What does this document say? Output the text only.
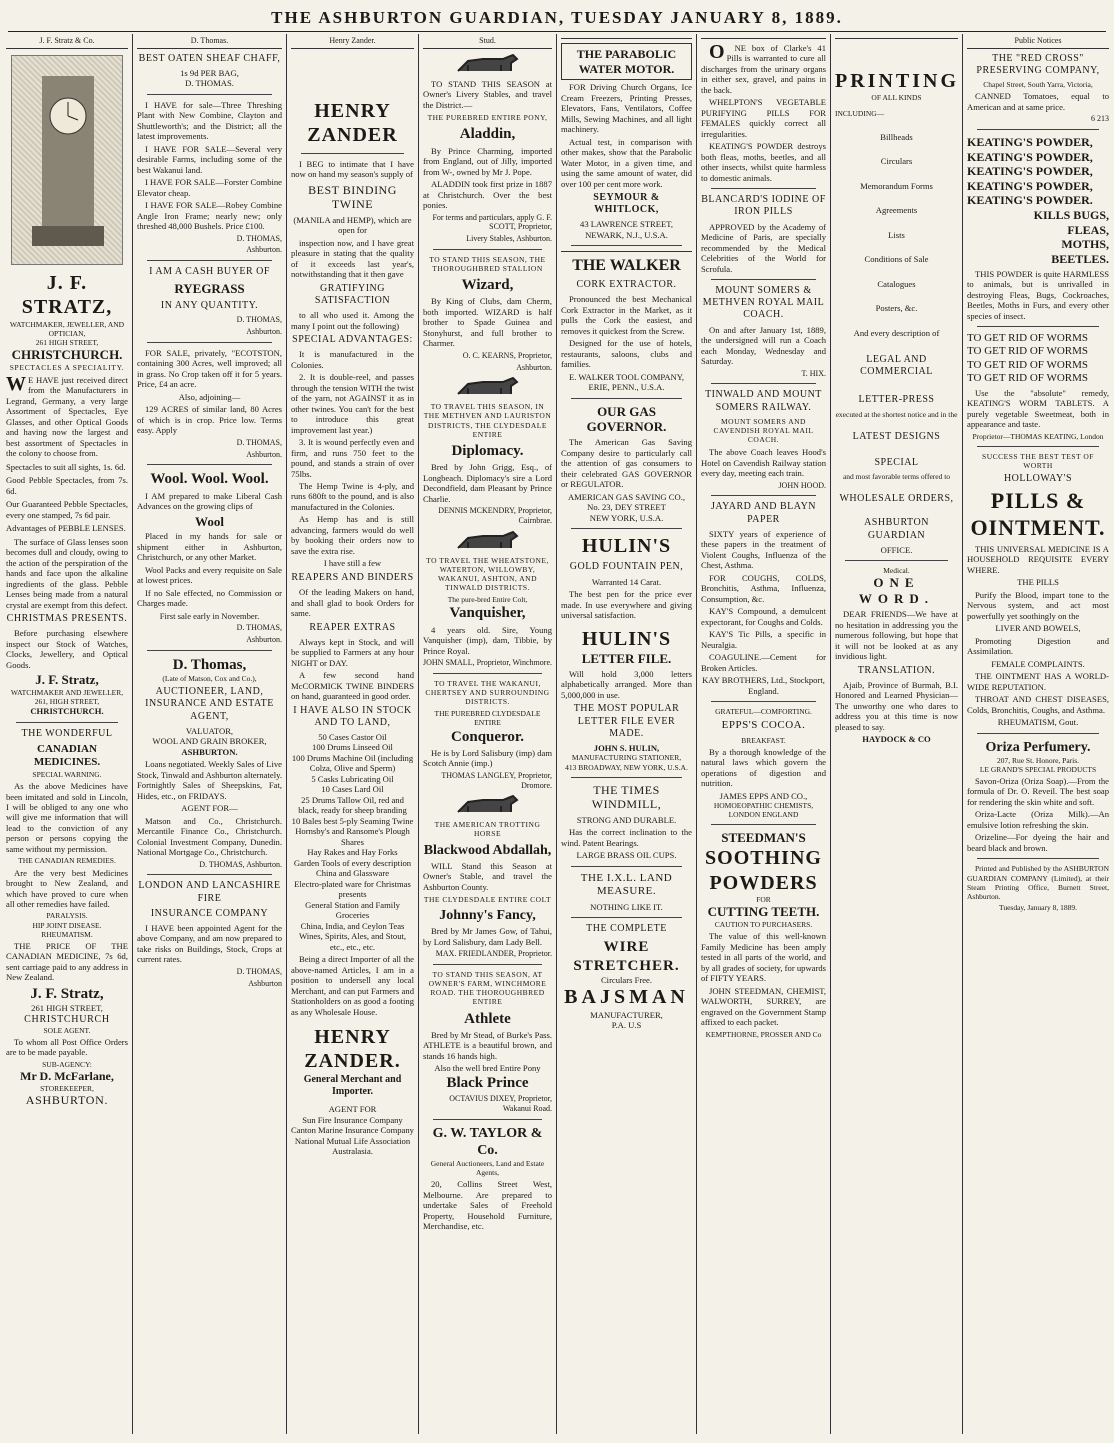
THE ASHBURTON GUARDIAN, TUESDAY JANUARY 8, 1889.
J. F. Stratz & Co.
J. F. STRATZ,
WATCHMAKER, JEWELLER, AND OPTICIAN,
261 HIGH STREET,
CHRISTCHURCH.
SPECTACLES A SPECIALITY.
WE HAVE just received direct from the Manufacturers in Legrand, Germany, a very large Assortment of Spectacles, Eye Glasses, and other Optical Goods and having now the largest and best assortment of Spectacles in the colony to choose from.
Spectacles to suit all sights, 1s. 6d.
Good Pebble Spectacles, from 7s. 6d.
Our Guaranteed Pebble Spectacles, every one stamped, 7s 6d pair.
Advantages of PEBBLE LENSES.
The surface of Glass lenses soon becomes dull and cloudy, owing to the action of the perspiration of the hands and face upon the alkaline ingredients of the glass. Pebble Lenses being made from a natural crystal are exempt from this defect.
CHRISTMAS PRESENTS.
Before purchasing elsewhere inspect our Stock of Watches, Clocks, Jewellery, and Optical Goods.
J. F. Stratz,
WATCHMAKER AND JEWELLER,
261, HIGH STREET,
CHRISTCHURCH.
THE WONDERFUL
CANADIAN MEDICINES.
SPECIAL WARNING.
As the above Medicines have been imitated and sold in Lincoln, I will be obliged to any one who will give me information that will lead to the conviction of any person or persons copying the same without my permission.
THE CANADIAN REMEDIES.
Are the very best Medicines brought to New Zealand, and which have proved to cure when all other remedies have failed.
PARALYSIS.
HIP JOINT DISEASE.
RHEUMATISM.
THE PRICE OF THE CANADIAN MEDICINE, 7s 6d, sent carriage paid to any address in New Zealand.
J. F. Stratz,
261 HIGH STREET,
CHRISTCHURCH
SOLE AGENT.
To whom all Post Office Orders are to be made payable.
SUB-AGENCY:
Mr D. McFarlane,
STOREKEEPER,
ASHBURTON.
D. Thomas.
BEST OATEN SHEAF CHAFF,
1s 9d PER BAG,
D. THOMAS.
I HAVE for sale—Three Threshing Plant with New Combine, Clayton and Shuttleworth's; and the District; all the latest improvements.
I HAVE FOR SALE—Several very desirable Farms, including some of the best Wakanui land.
I HAVE FOR SALE—Forster Combine Elevator cheap.
I HAVE FOR SALE—Robey Combine Angle Iron Frame; nearly new; only threshed 48,000 Bushels. Price £100.
D. THOMAS,
Ashburton.
I AM A CASH BUYER OF
RYEGRASS
IN ANY QUANTITY.
D. THOMAS,
Ashburton.
FOR SALE, privately, "ECOTSTON, containing 300 Acres, well improved; all in grass. No Crop taken off it for 5 years. Price, £4 an acre.
Also, adjoining—
129 ACRES of similar land, 80 Acres of which is in crop. Price low. Terms easy. Apply
D. THOMAS,
Ashburton.
Wool. Wool. Wool.
I AM prepared to make Liberal Cash Advances on the growing clips of
Wool
Placed in my hands for sale or shipment either in Ashburton, Christchurch, or any other Market.
Wool Packs and every requisite on Sale at lowest prices.
If no Sale effected, no Commission or Charges made.
First sale early in November.
D. THOMAS,
Ashburton.
D. Thomas,
(Late of Matson, Cox and Co.),
AUCTIONEER, LAND, INSURANCE AND ESTATE AGENT,
VALUATOR,
WOOL AND GRAIN BROKER,
ASHBURTON.
Loans negotiated. Weekly Sales of Live Stock, Tinwald and Ashburton alternately. Fortnightly Sales of Sheepskins, Fat, Hides, etc., on FRIDAYS.
AGENT FOR—
Matson and Co., Christchurch. Mercantile Finance Co., Christchurch. Colonial Investment Company, Dunedin. National Mortgage Co., Christchurch.
D. THOMAS, Ashburton.
LONDON AND LANCASHIRE FIRE
INSURANCE COMPANY
I HAVE been appointed Agent for the above Company, and am now prepared to take risks on Buildings, Stock, Crops at current rates.
D. THOMAS,
Ashburton
Henry Zander.
HENRY ZANDER
I BEG to intimate that I have now on hand my season's supply of
BEST BINDING TWINE
(MANILA and HEMP), which are open for
inspection now, and I have great pleasure in stating that the quality of it exceeds last year's, notwithstanding that it then gave
GRATIFYING SATISFACTION
to all who used it. Among the many I point out the following)
SPECIAL ADVANTAGES:
It is manufactured in the Colonies.
2. It is double-reel, and passes through the tension WITH the twist of the yarn, not AGAINST it as in other twines. You can't for the best to introduce this great improvement last year.)
3. It is wound perfectly even and firm, and runs 750 feet to the pound, and stands a strain of over 75lbs.
The Hemp Twine is 4-ply, and runs 680ft to the pound, and is also manufactured in the Colonies.
As Hemp has and is still advancing, farmers would do well by booking their orders now to save the extra rise.
I have still a few
REAPERS AND BINDERS
Of the leading Makers on hand, and shall glad to book Orders for same.
REAPER EXTRAS
Always kept in Stock, and will be supplied to Farmers at any hour NIGHT or DAY.
A few second hand McCORMICK TWINE BINDERS on hand, guaranteed in good order.
I HAVE ALSO IN STOCK AND TO LAND,
50 Cases Castor Oil
100 Drums Linseed Oil
100 Drums Machine Oil (including Colza, Olive and Sperm)
5 Casks Lubricating Oil
10 Cases Lard Oil
25 Drums Tallow Oil, red and black, ready for sheep branding
10 Bales best 5-ply Seaming Twine
Hornsby's and Ransome's Plough Shares
Hay Rakes and Hay Forks
Garden Tools of every description
China and Glassware
Electro-plated ware for Christmas presents
General Station and Family Groceries
China, India, and Ceylon Teas
Wines, Spirits, Ales, and Stout,
etc., etc., etc.
Being a direct Importer of all the above-named Articles, I am in a position to undersell any local Merchant, and can put Farmers and Stationholders on as good a footing as any Wholesale House.
HENRY ZANDER.
General Merchant and Importer.
AGENT FOR
Sun Fire Insurance Company
Canton Marine Insurance Company
National Mutual Life Association
Australasia.
Stud.
TO STAND THIS SEASON at Owner's Livery Stables, and travel the District.—
THE PUREBRED ENTIRE PONY,
Aladdin,
By Prince Charming, imported from England, out of Jilly, imported from W-, owned by Mr J. Pope.
ALADDIN took first prize in 1887 at Christchurch. Over the best ponies.
For terms and particulars, apply G. F. SCOTT, Proprietor,
Livery Stables, Ashburton.
TO STAND THIS SEASON, THE THOROUGHBRED STALLION
Wizard,
By King of Clubs, dam Cherm, both imported. WIZARD is half brother to Spade Guinea and Stonyhurst, and full brother to Charmer.
O. C. KEARNS, Proprietor,
Ashburton.
TO TRAVEL THIS SEASON, IN THE METHVEN AND LAURISTON DISTRICTS, THE CLYDESDALE ENTIRE
Diplomacy.
Bred by John Grigg, Esq., of Longbeach. Diplomacy's sire a Lord Decondfield, dam Pleasant by Prince Charlie.
DENNIS MCKENDRY, Proprietor, Cairnbrae.
TO TRAVEL THE WHEATSTONE, WATERTON, WILLOWBY, WAKANUI, ASHTON, AND TINWALD DISTRICTS.
The pure-bred Entire Colt,
Vanquisher,
4 years old. Sire, Young Vanquisher (imp), dam, Tibbie, by Prince Royal.
JOHN SMALL, Proprietor, Winchmore.
TO TRAVEL THE WAKANUI, CHERTSEY AND SURROUNDING DISTRICTS.
THE PUREBRED CLYDESDALE ENTIRE
Conqueror.
He is by Lord Salisbury (imp) dam Scotch Annie (imp.)
THOMAS LANGLEY, Proprietor, Dromore.
THE AMERICAN TROTTING HORSE
Blackwood Abdallah,
WILL Stand this Season at Owner's Stable, and travel the Ashburton County.
THE CLYDESDALE ENTIRE COLT
Johnny's Fancy,
Bred by Mr James Gow, of Tahui, by Lord Salisbury, dam Lady Bell.
MAX. FRIEDLANDER, Proprietor.
TO STAND THIS SEASON, AT OWNER'S FARM, WINCHMORE ROAD. THE THOROUGHBRED ENTIRE
Athlete
Bred by Mr Stead, of Burke's Pass. ATHLETE is a beautiful brown, and stands 16 hands high.
Also the well bred Entire Pony
Black Prince
OCTAVIUS DIXEY, Proprietor, Wakanui Road.
G. W. TAYLOR & Co.
General Auctioneers, Land and Estate Agents,
20, Collins Street West, Melbourne. Are prepared to undertake Sales of Freehold Property, Household Furniture, Merchandise, etc.
THE PARABOLIC WATER MOTOR.
FOR Driving Church Organs, Ice Cream Freezers, Printing Presses, Elevators, Fans, Ventilators, Coffee Mills, Sewing Machines, and all light machinery.
Actual test, in comparison with other makes, show that the Parabolic Water Motor, in a given time, and using the same amount of water, did over 100 per cent more work.
SEYMOUR & WHITLOCK,
43 LAWRENCE STREET,
NEWARK, N.J., U.S.A.
THE WALKER
CORK EXTRACTOR.
Pronounced the best Mechanical Cork Extractor in the Market, as it pulls the Cork the easiest, and removes it quickest from the Screw.
Designed for the use of hotels, restaurants, saloons, clubs and families.
E. WALKER TOOL COMPANY,
ERIE, PENN., U.S.A.
OUR GAS GOVERNOR.
The American Gas Saving Company desire to particularly call the attention of gas consumers to their celebrated GAS GOVERNOR or REGULATOR.
AMERICAN GAS SAVING CO.,
No. 23, DEY STREET
NEW YORK, U.S.A.
HULIN'S
GOLD FOUNTAIN PEN,
Warranted 14 Carat.
The best pen for the price ever made. In use everywhere and giving universal satisfaction.
HULIN'S
LETTER FILE.
Will hold 3,000 letters alphabetically arranged. More than 5,000,000 in use.
THE MOST POPULAR LETTER FILE EVER MADE.
JOHN S. HULIN,
MANUFACTURING STATIONER,
413 BROADWAY, NEW YORK, U.S.A.
THE TIMES WINDMILL,
STRONG AND DURABLE.
Has the correct inclination to the wind. Patent Bearings.
LARGE BRASS OIL CUPS.
THE I.X.L. LAND MEASURE.
NOTHING LIKE IT.
THE COMPLETE
WIRE STRETCHER.
Circulars Free.
BAJSMAN
MANUFACTURER,
P.A. U.S
ONE box of Clarke's 41 Pills is warranted to cure all discharges from the urinary organs in either sex, gravel, and pains in the back.
WHELPTON'S VEGETABLE PURIFYING PILLS FOR FEMALES quickly correct all irregularities.
KEATING'S POWDER destroys both fleas, moths, beetles, and all other insects, whilst quite harmless to domestic animals.
BLANCARD'S IODINE OF IRON PILLS
APPROVED by the Academy of Medicine of Paris, are specially recommended by the Medical Celebrities of the World for Scrofula.
MOUNT SOMERS & METHVEN ROYAL MAIL COACH.
On and after January 1st, 1889, the undersigned will run a Coach each Monday, Wednesday and Saturday.
T. HIX.
TINWALD AND MOUNT SOMERS RAILWAY.
MOUNT SOMERS AND CAVENDISH ROYAL MAIL COACH.
The above Coach leaves Hood's Hotel on Cavendish Railway station every day, meeting each train.
JOHN HOOD.
JAYARD AND BLAYN PAPER
SIXTY years of experience of these papers in the treatment of Violent Coughs, Influenza of the Chest, Asthma.
FOR COUGHS, COLDS, Bronchitis, Asthma, Influenza, Consumption, &c.
KAY'S Compound, a demulcent expectorant, for Coughs and Colds.
KAY'S Tic Pills, a specific in Neuralgia.
COAGULINE.—Cement for Broken Articles.
KAY BROTHERS, Ltd., Stockport, England.
GRATEFUL—COMFORTING.
EPPS'S COCOA.
BREAKFAST.
By a thorough knowledge of the natural laws which govern the operations of digestion and nutrition.
JAMES EPPS AND CO.,
HOMOEOPATHIC CHEMISTS,
LONDON ENGLAND
STEEDMAN'S
SOOTHING
POWDERS
FOR
CUTTING TEETH.
CAUTION TO PURCHASERS.
The value of this well-known Family Medicine has been amply tested in all parts of the world, and by all grades of society, for upwards of FIFTY YEARS.
JOHN STEEDMAN, CHEMIST, WALWORTH, SURREY, are engraved on the Government Stamp affixed to each packet.
KEMPTHORNE, PROSSER AND Co
PRINTING
OF ALL KINDS
INCLUDING—
Billheads
Circulars
Memorandum Forms
Agreements
Lists
Conditions of Sale
Catalogues
Posters, &c.
And every description of
LEGAL AND COMMERCIAL
LETTER-PRESS
executed at the shortest notice and in the
LATEST DESIGNS
SPECIAL
and most favorable terms offered to
WHOLESALE ORDERS,
ASHBURTON GUARDIAN
OFFICE.
Medical.
ONE WORD.
DEAR FRIENDS—We have at no hesitation in addressing you the numerous following, but hope that it will not be looked at as any invidious light.
TRANSLATION.
Ajaib, Province of Burmah, B.I. Honored and Learned Physician—The unworthy one who dares to address you at this time is now pleased to say.
HAYDOCK & CO
Public Notices
THE "RED CROSS" PRESERVING COMPANY,
Chapel Street, South Yarra, Victoria,
CANNED Tomatoes, equal to American and at same price.
6 213
KEATING'S POWDER,
KEATING'S POWDER,
KEATING'S POWDER,
KEATING'S POWDER,
KEATING'S POWDER.
KILLS BUGS,
FLEAS,
MOTHS,
BEETLES.
THIS POWDER is quite HARMLESS to animals, but is unrivalled in destroying Fleas, Bugs, Cockroaches, Beetles, Moths in Furs, and every other species of insect.
TO GET RID OF WORMS
TO GET RID OF WORMS
TO GET RID OF WORMS
TO GET RID OF WORMS
Use the "absolute" remedy, KEATING'S WORM TABLETS. A purely vegetable Sweetmeat, both in appearance and taste.
Proprietor—THOMAS KEATING, London
SUCCESS THE BEST TEST OF WORTH
HOLLOWAY'S
PILLS & OINTMENT.
THIS UNIVERSAL MEDICINE IS A HOUSEHOLD REQUISITE EVERY WHERE.
THE PILLS
Purify the Blood, impart tone to the Nervous system, and act most powerfully yet soothingly on the
LIVER AND BOWELS,
Promoting Digestion and Assimilation.
FEMALE COMPLAINTS.
THE OINTMENT HAS A WORLD-WIDE REPUTATION.
THROAT AND CHEST DISEASES, Colds, Bronchitis, Coughs, and Asthma.
RHEUMATISM, Gout.
Oriza Perfumery.
207, Rue St. Honore, Paris.
LE GRAND'S SPECIAL PRODUCTS
Savon-Oriza (Oriza Soap).—From the formula of Dr. O. Reveil. The best soap for rendering the skin white and soft.
Oriza-Lacte (Oriza Milk).—An emulsive lotion refreshing the skin.
Orizeline—For dyeing the hair and beard black and brown.
Printed and Published by the ASHBURTON GUARDIAN COMPANY (Limited), at their Steam Printing Office, Burnett Street, Ashburton.
Tuesday, January 8, 1889.
